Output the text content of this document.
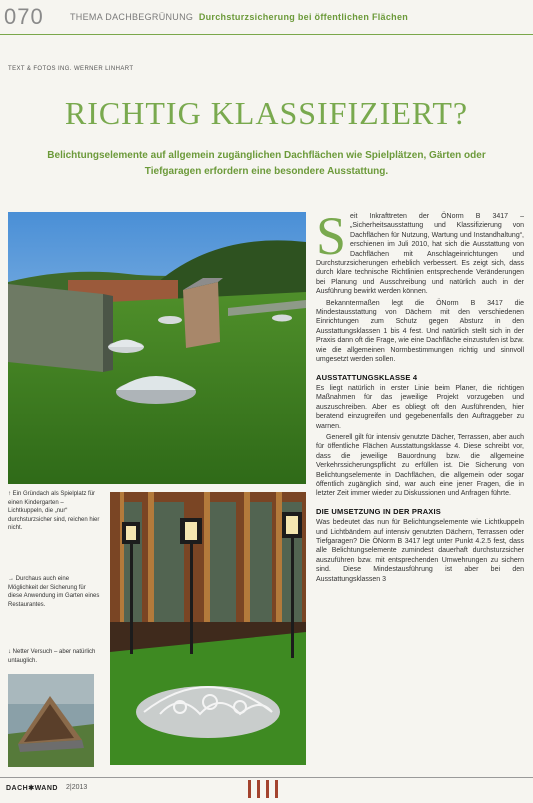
070	THEMA DACHBEGRÜNUNG Durchsturzsicherung bei öffentlichen Flächen
TEXT & FOTOS ING. WERNER LINHART
RICHTIG KLASSIFIZIERT?
Belichtungselemente auf allgemein zugänglichen Dachflächen wie Spielplätzen, Gärten oder Tiefgaragen erfordern eine besondere Ausstattung.
↑ Ein Gründach als Spielplatz für einen Kindergarten – Lichtkuppeln, die „nur“ durchsturzsicher sind, reichen hier nicht.
→ Durchaus auch eine Möglichkeit der Sicherung für diese Anwendung im Garten eines Restaurantes.
↓ Netter Versuch – aber natürlich untauglich.

Seit Inkrafttreten der ÖNorm B 3417 – „Sicherheitsausstattung und Klassifizierung von Dachflächen für Nutzung, Wartung und Instandhaltung“, erschienen im Juli 2010, hat sich die Ausstattung von Dachflächen mit Anschlageinrichtungen und Durchsturzsicherungen erheblich verbessert. Es zeigt sich, dass durch klare technische Richtlinien entsprechende Veränderungen bei Planung und Ausschreibung und natürlich auch in der Ausführung bewirkt werden können.

Bekanntermaßen legt die ÖNorm B 3417 die Mindestausstattung von Dächern mit den verschiedenen Einrichtungen zum Schutz gegen Absturz in den Ausstattungsklassen 1 bis 4 fest. Und natürlich stellt sich in der Praxis dann oft die Frage, wie eine Dachfläche einzustufen ist bzw. wie die allgemeinen Normbestimmungen richtig und sinnvoll umgesetzt werden sollen.

AUSSTATTUNGSKLASSE 4

Es liegt natürlich in erster Linie beim Planer, die richtigen Maßnahmen für das jeweilige Projekt vorzugeben und auszuschreiben. Aber es obliegt oft den Ausführenden, hier beratend einzugreifen und gegebenenfalls den Auftraggeber zu warnen.

Generell gilt für intensiv genutzte Dächer, Terrassen, aber auch für öffentliche Flächen Ausstattungsklasse 4. Diese schreibt vor, dass die jeweilige Bauordnung bzw. die allgemeine Verkehrssicherungspflicht zu erfüllen ist. Die Sicherung von Belichtungselemente in Dachflächen, die allgemein oder sogar öffentlich zugänglich sind, war auch eine jener Fragen, die in letzter Zeit immer wieder zu Diskussionen und Anfragen führte.

DIE UMSETZUNG IN DER PRAXIS

Was bedeutet das nun für Belichtungselemente wie Lichtkuppeln und Lichtbändern auf intensiv genutzten Dächern, Terrassen oder Tiefgaragen? Die ÖNorm B 3417 legt unter Punkt 4.2.5 fest, dass alle Belichtungselemente zumindest dauerhaft durchsturzsicher auszuführen bzw. mit entsprechenden Umwehrungen zu sichern sind. Diese Mindestausführung ist aber bei den Ausstattungsklassen 3

DACH✱WAND 2|2013
